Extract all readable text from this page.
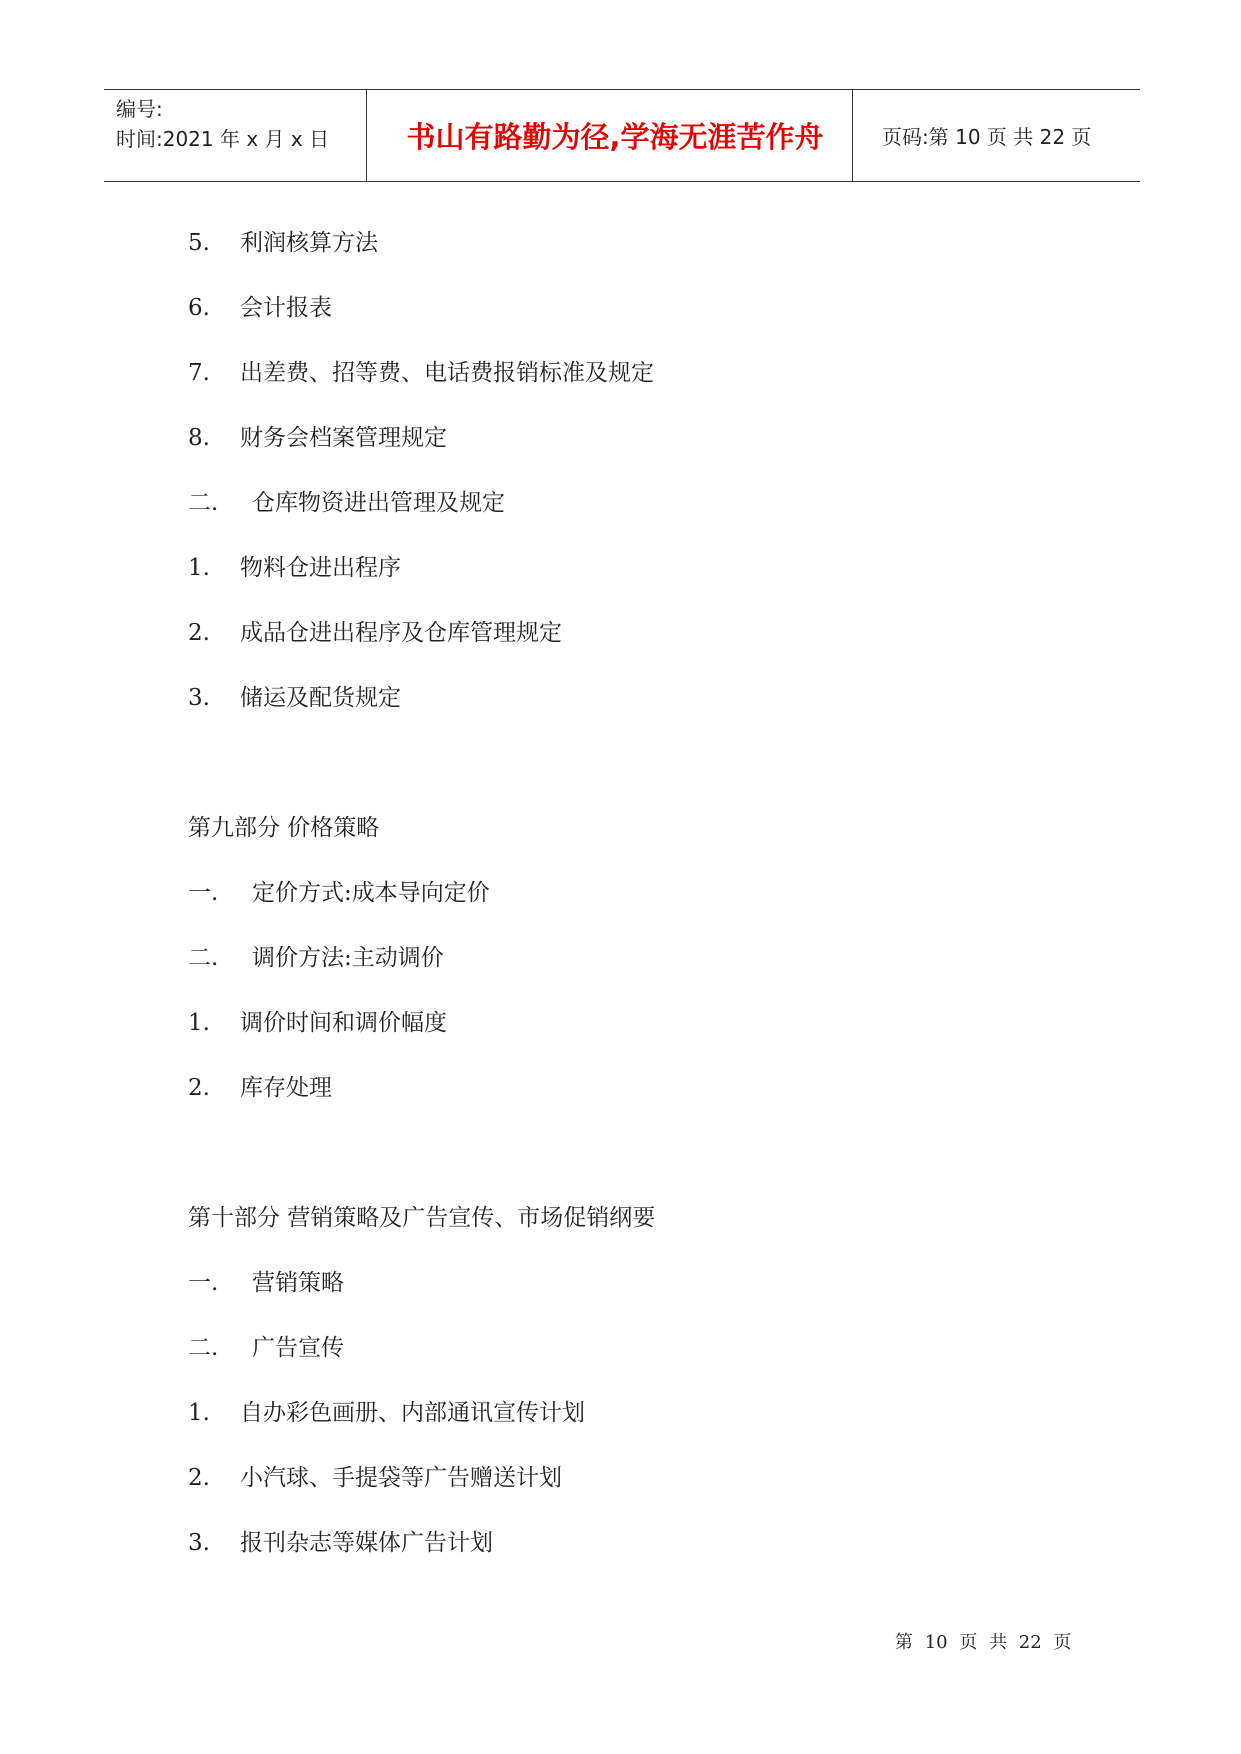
编号:
时间:2021 年 x 月 x 日	书山有路勤为径,学海无涯苦作舟	页码:第 10 页 共 22 页
5. 利润核算方法
6. 会计报表
7. 出差费、招等费、电话费报销标准及规定
8. 财务会档案管理规定
二. 仓库物资进出管理及规定
1. 物料仓进出程序
2. 成品仓进出程序及仓库管理规定
3. 储运及配货规定
第九部分 价格策略
一. 定价方式:成本导向定价
二. 调价方法:主动调价
1. 调价时间和调价幅度
2. 库存处理
第十部分 营销策略及广告宣传、市场促销纲要
一. 营销策略
二. 广告宣传
1. 自办彩色画册、内部通讯宣传计划
2. 小汽球、手提袋等广告赠送计划
3. 报刊杂志等媒体广告计划
第 10 页 共 22 页
